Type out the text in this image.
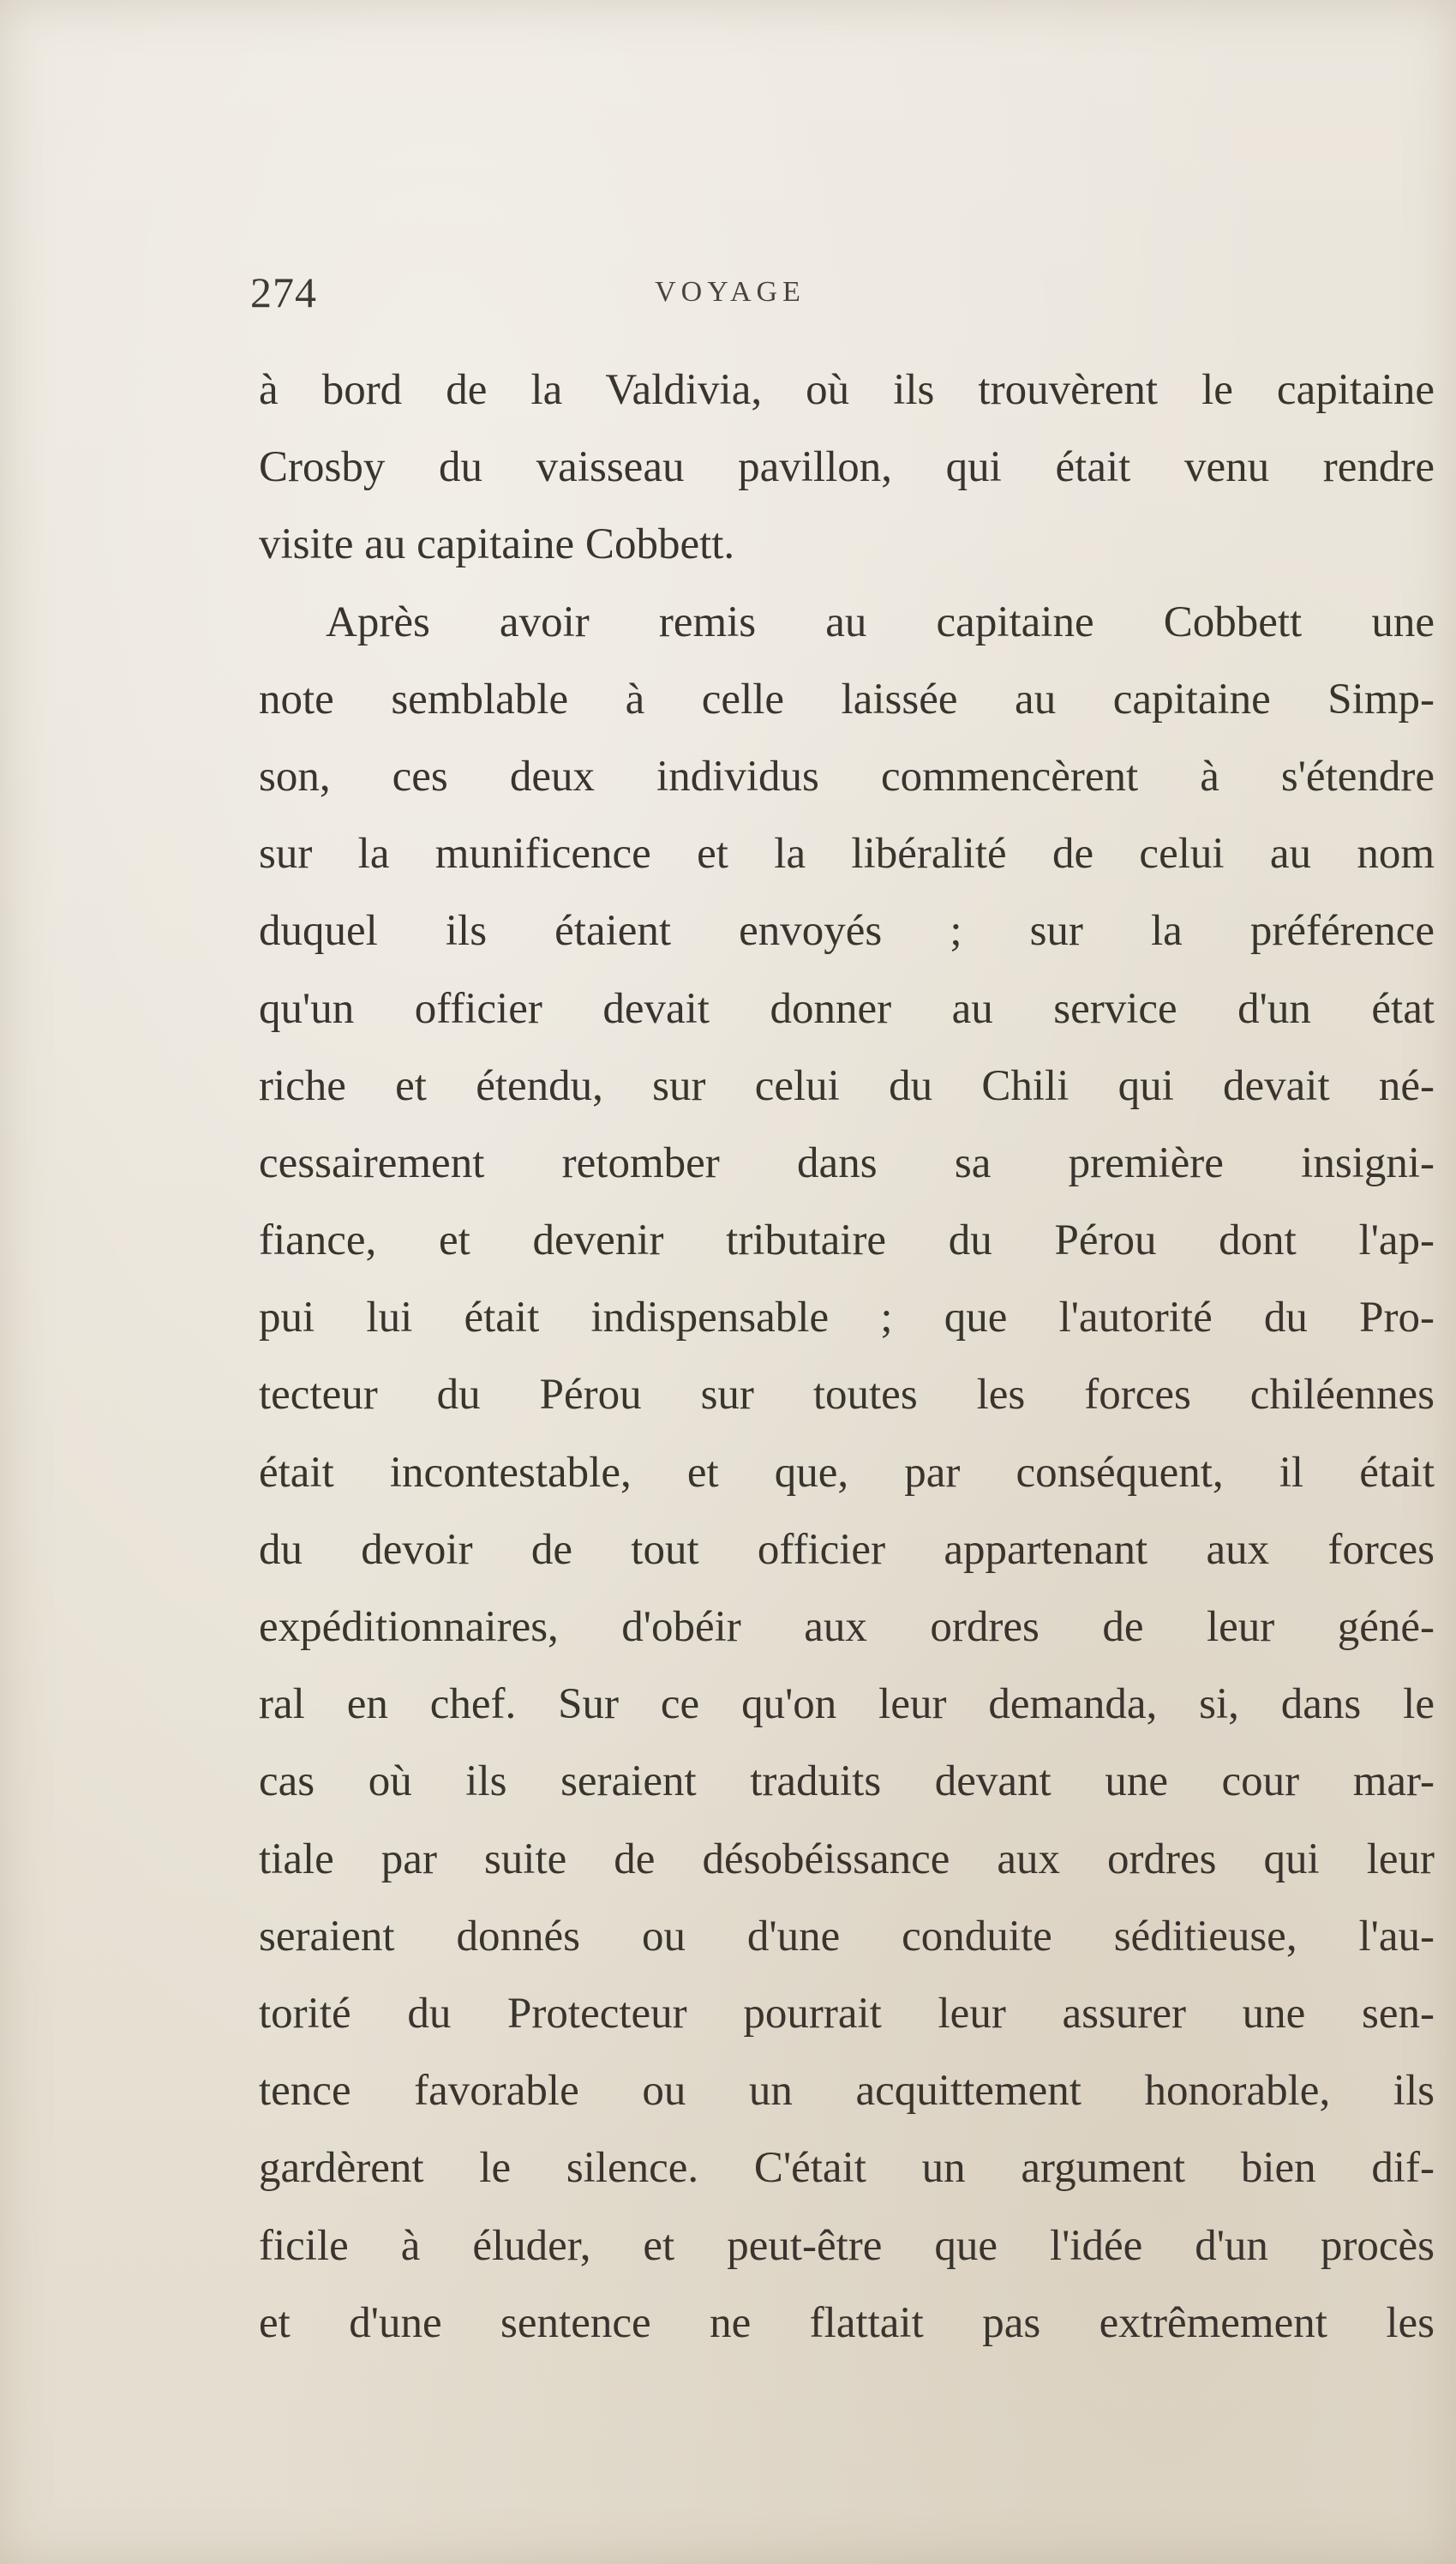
274	VOYAGE
à bord de la Valdivia, où ils trouvèrent le capitaine
Crosby du vaisseau pavillon, qui était venu rendre
visite au capitaine Cobbett.
Après avoir remis au capitaine Cobbett une
note semblable à celle laissée au capitaine Simp-
son, ces deux individus commencèrent à s'étendre
sur la munificence et la libéralité de celui au nom
duquel ils étaient envoyés ; sur la préférence
qu'un officier devait donner au service d'un état
riche et étendu, sur celui du Chili qui devait né-
cessairement retomber dans sa première insigni-
fiance, et devenir tributaire du Pérou dont l'ap-
pui lui était indispensable ; que l'autorité du Pro-
tecteur du Pérou sur toutes les forces chiléennes
était incontestable, et que, par conséquent, il était
du devoir de tout officier appartenant aux forces
expéditionnaires, d'obéir aux ordres de leur géné-
ral en chef. Sur ce qu'on leur demanda, si, dans le
cas où ils seraient traduits devant une cour mar-
tiale par suite de désobéissance aux ordres qui leur
seraient donnés ou d'une conduite séditieuse, l'au-
torité du Protecteur pourrait leur assurer une sen-
tence favorable ou un acquittement honorable, ils
gardèrent le silence. C'était un argument bien dif-
ficile à éluder, et peut-être que l'idée d'un procès
et d'une sentence ne flattait pas extrêmement les
